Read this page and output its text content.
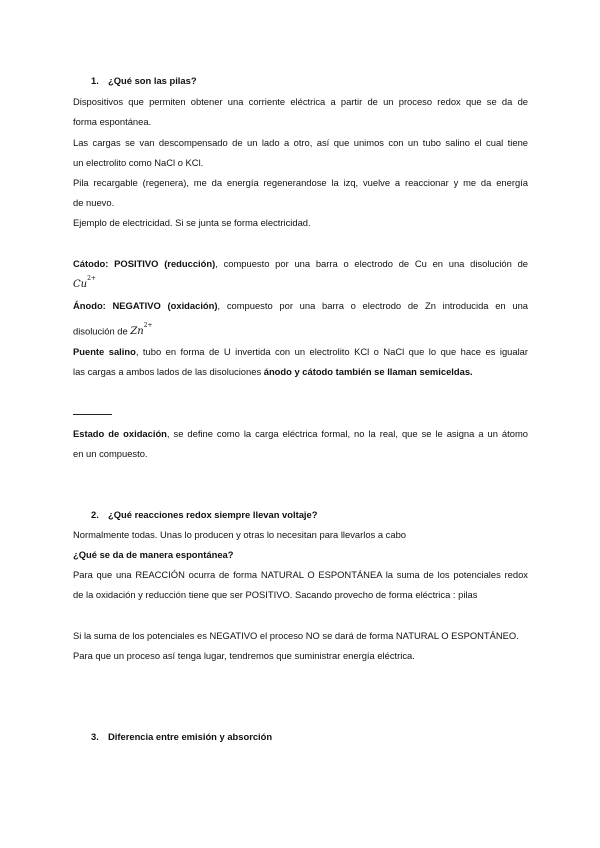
1. ¿Qué son las pilas?
Dispositivos que permiten obtener una corriente eléctrica a partir de un proceso redox que se da de
forma espontánea.
Las cargas se van descompensado de un lado a otro, así que unimos con un tubo salino el cual tiene
un electrolito como NaCl o KCl.
Pila recargable (regenera), me da energía regenerandose la izq, vuelve a reaccionar y me da energía
de nuevo.
Ejemplo de electricidad. Si se junta se forma electricidad.
Cátodo: POSITIVO (reducción), compuesto por una barra o electrodo de Cu en una disolución de
$Cu^{2+}$
Ánodo: NEGATIVO (oxidación), compuesto por una barra o electrodo de Zn introducida en una
disolución de $Zn^{2+}$
Puente salino, tubo en forma de U invertida con un electrolito KCl o NaCl que lo que hace es igualar
las cargas a ambos lados de las disoluciones ánodo y cátodo también se llaman semiceldas.
Estado de oxidación, se define como la carga eléctrica formal, no la real, que se le asigna a un átomo
en un compuesto.
2. ¿Qué reacciones redox siempre llevan voltaje?
Normalmente todas. Unas lo producen y otras lo necesitan para llevarlos a cabo
¿Qué se da de manera espontánea?
Para que una REACCIÓN ocurra de forma NATURAL O ESPONTÁNEA la suma de los potenciales redox
de la oxidación y reducción tiene que ser POSITIVO. Sacando provecho de forma eléctrica : pilas
Si la suma de los potenciales es NEGATIVO el proceso NO se dará de forma NATURAL O ESPONTÁNEO.
Para que un proceso así tenga lugar, tendremos que suministrar energía eléctrica.
3. Diferencia entre emisión y absorción
